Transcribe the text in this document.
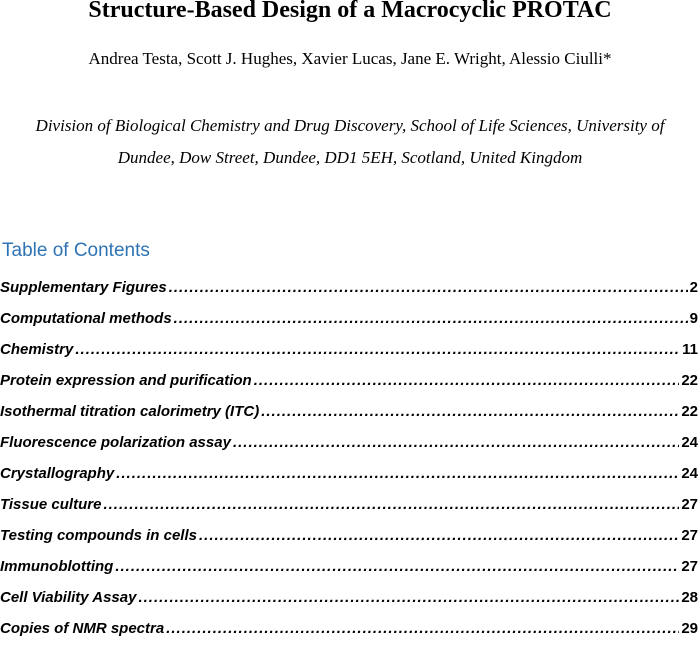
Structure-Based Design of a Macrocyclic PROTAC
Andrea Testa, Scott J. Hughes, Xavier Lucas, Jane E. Wright, Alessio Ciulli*
Division of Biological Chemistry and Drug Discovery, School of Life Sciences, University of Dundee, Dow Street, Dundee, DD1 5EH, Scotland, United Kingdom
Table of Contents
Supplementary Figures .....	2
Computational methods .....	9
Chemistry .....	11
Protein expression and purification .....	22
Isothermal titration calorimetry (ITC) .....	22
Fluorescence polarization assay .....	24
Crystallography .....	24
Tissue culture .....	27
Testing compounds in cells .....	27
Immunoblotting .....	27
Cell Viability Assay .....	28
Copies of NMR spectra .....	29
